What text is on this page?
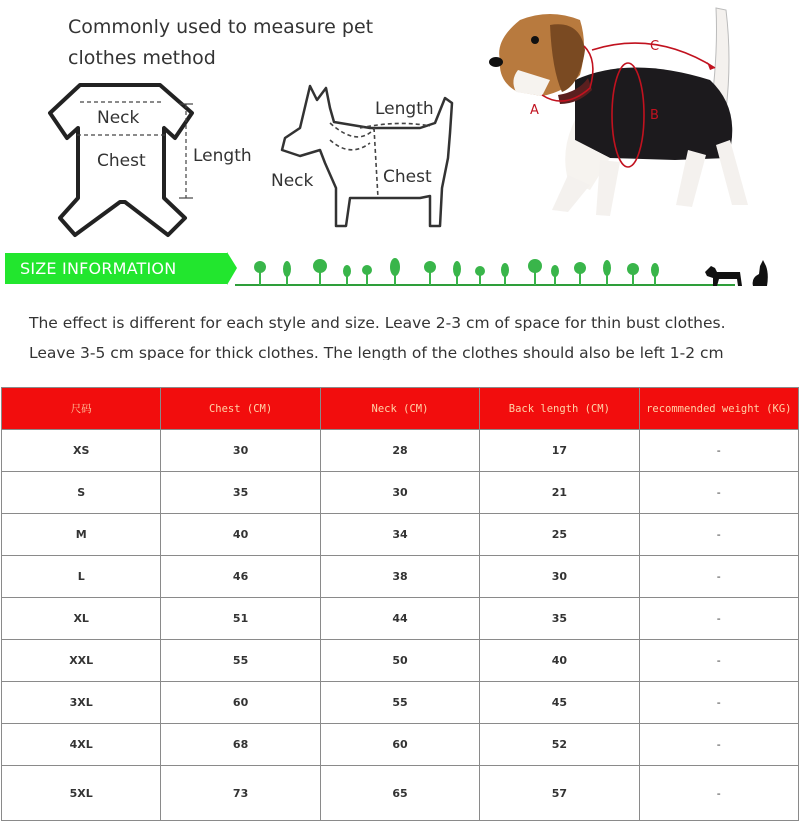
Commonly used to measure pet clothes method
Neck
Chest	Length
Length
Neck	Chest
A	B
C
SIZE INFORMATION
The effect is different for each style and size. Leave 2-3 cm of space for thin bust clothes.
Leave 3-5 cm space for thick clothes. The length of the clothes should also be left 1-2 cm
尺码	Chest (CM)	Neck (CM)	Back length (CM)	recommended weight (KG)
XS	30	28	17	-
S	35	30	21	-
M	40	34	25	-
L	46	38	30	-
XL	51	44	35	-
XXL	55	50	40	-
3XL	60	55	45	-
4XL	68	60	52	-
5XL	73	65	57	-
